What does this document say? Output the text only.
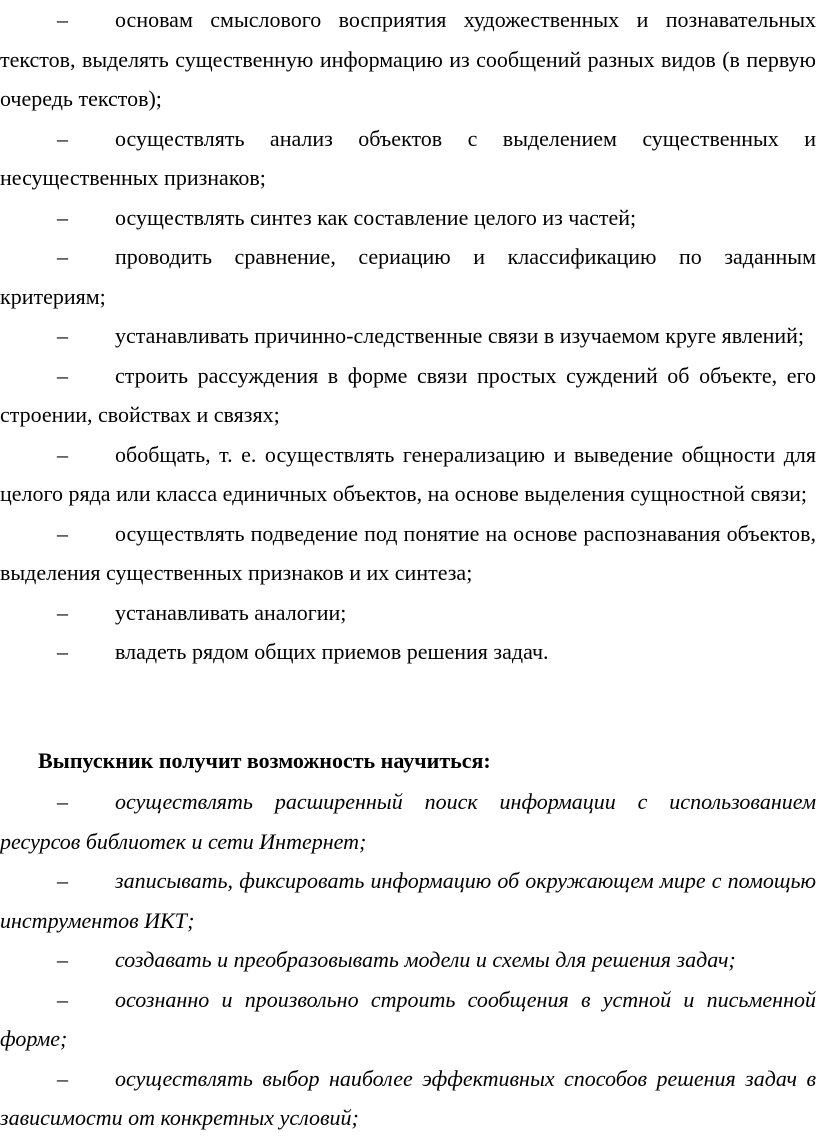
– основам смыслового восприятия художественных и познавательных текстов, выделять существенную информацию из сообщений разных видов (в первую очередь текстов);

– осуществлять анализ объектов с выделением существенных и несущественных признаков;

– осуществлять синтез как составление целого из частей;

– проводить сравнение, сериацию и классификацию по заданным критериям;

– устанавливать причинно-следственные связи в изучаемом круге явлений;

– строить рассуждения в форме связи простых суждений об объекте, его строении, свойствах и связях;

– обобщать, т. е. осуществлять генерализацию и выведение общности для целого ряда или класса единичных объектов, на основе выделения сущностной связи;

– осуществлять подведение под понятие на основе распознавания объектов, выделения существенных признаков и их синтеза;

– устанавливать аналогии;

– владеть рядом общих приемов решения задач.

Выпускник получит возможность научиться:

– осуществлять расширенный поиск информации с использованием ресурсов библиотек и сети Интернет;

– записывать, фиксировать информацию об окружающем мире с помощью инструментов ИКТ;

– создавать и преобразовывать модели и схемы для решения задач;

– осознанно и произвольно строить сообщения в устной и письменной форме;

– осуществлять выбор наиболее эффективных способов решения задач в зависимости от конкретных условий;
